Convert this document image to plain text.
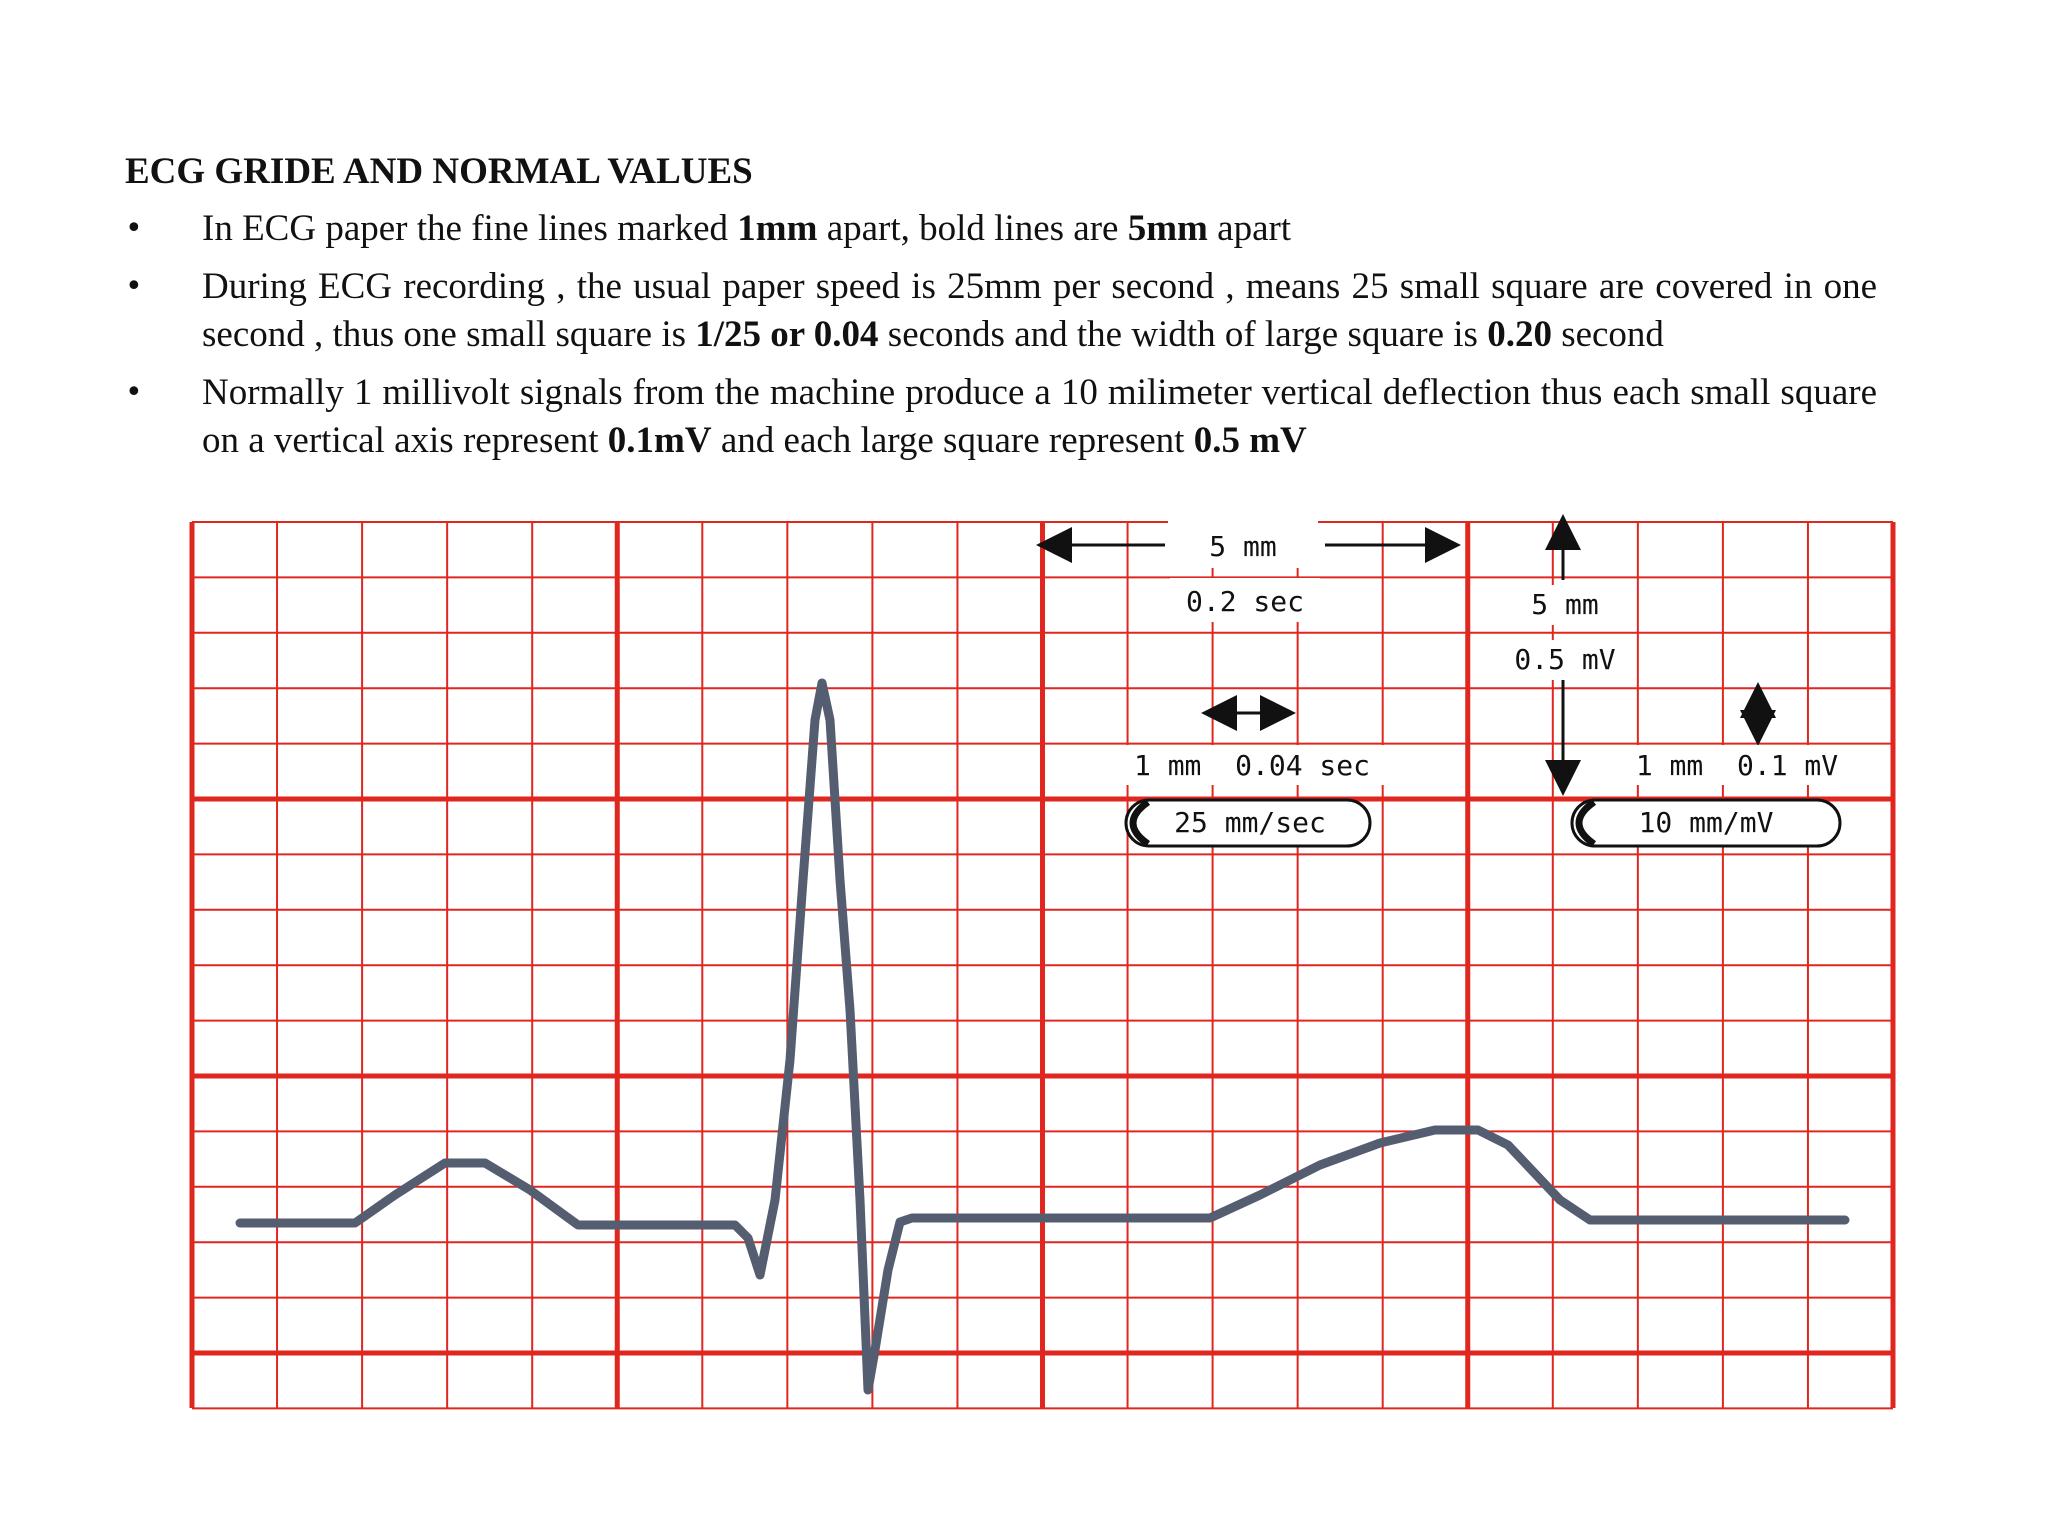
ECG GRIDE AND NORMAL VALUES
• In ECG paper the fine lines marked 1mm apart, bold lines are 5mm apart
• During ECG recording , the usual paper speed is 25mm per second , means 25 small square are covered in one second , thus one small square is 1/25 or 0.04 seconds and the width of large square is 0.20 second
• Normally 1 millivolt signals from the machine produce a 10 milimeter vertical deflection thus each small square on a vertical axis represent 0.1mV and each large square represent 0.5 mV
5 mm
0.2 sec	5 mm
0.5 mV
1 mm  0.04 sec	1 mm  0.1 mV
25 mm/sec	10 mm/mV
